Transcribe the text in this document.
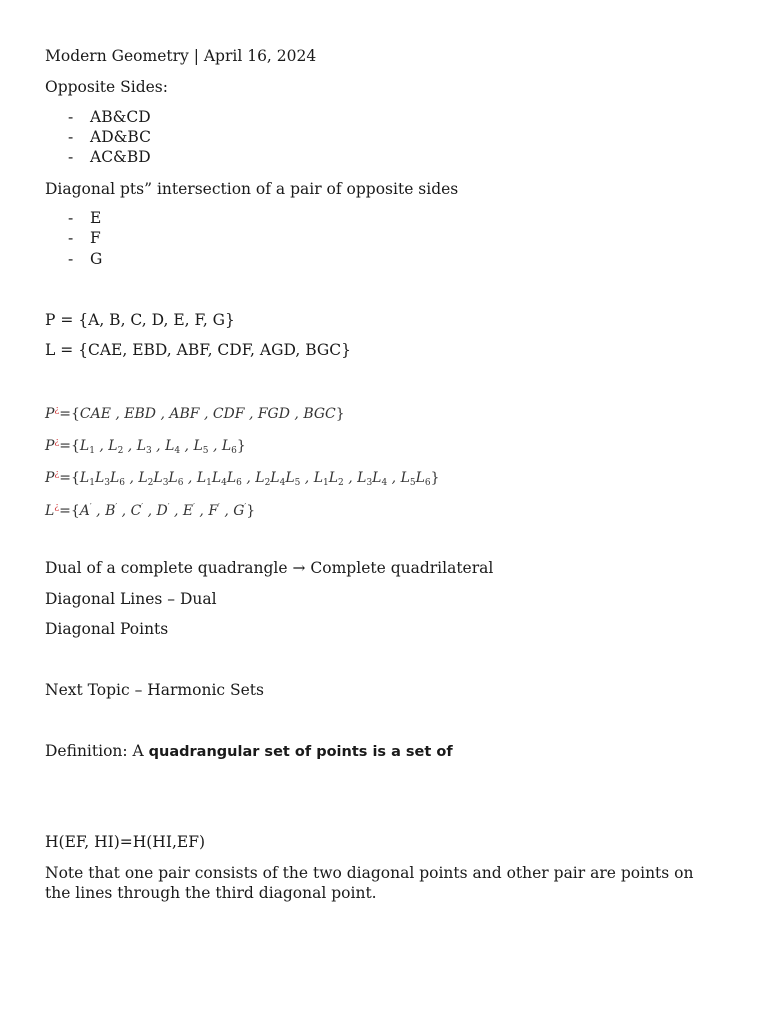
Modern Geometry | April 16, 2024
Opposite Sides:
- AB&CD
- AD&BC
- AC&BD
Diagonal pts” intersection of a pair of opposite sides
- E
- F
- G
P = {A, B, C, D, E, F, G}
L = {CAE, EBD, ABF, CDF, AGD, BGC}
P¿={CAE , EBD , ABF , CDF , FGD , BGC}
$P^¿=\{L_1$ , $L_2$ , $L_3$ , $L_4$ , $L_5$ , $L_6$}
$P^¿=\{L_1L_3L_6$ , $L_2L_3L_6$ , $L_1L_4L_6$ , $L_2L_4L_5$ , $L_1L_2$ , $L_3L_4$ , $L_5L_6$}
L¿={A′ , B′ , C′ , D′ , E′ , F′ , G′}
Dual of a complete quadrangle → Complete quadrilateral
Diagonal Lines – Dual
Diagonal Points
Next Topic – Harmonic Sets
Definition: A quadrangular set of points is a set of
H(EF, HI)=H(HI,EF)
Note that one pair consists of the two diagonal points and other pair are points on the lines through the third diagonal point.
